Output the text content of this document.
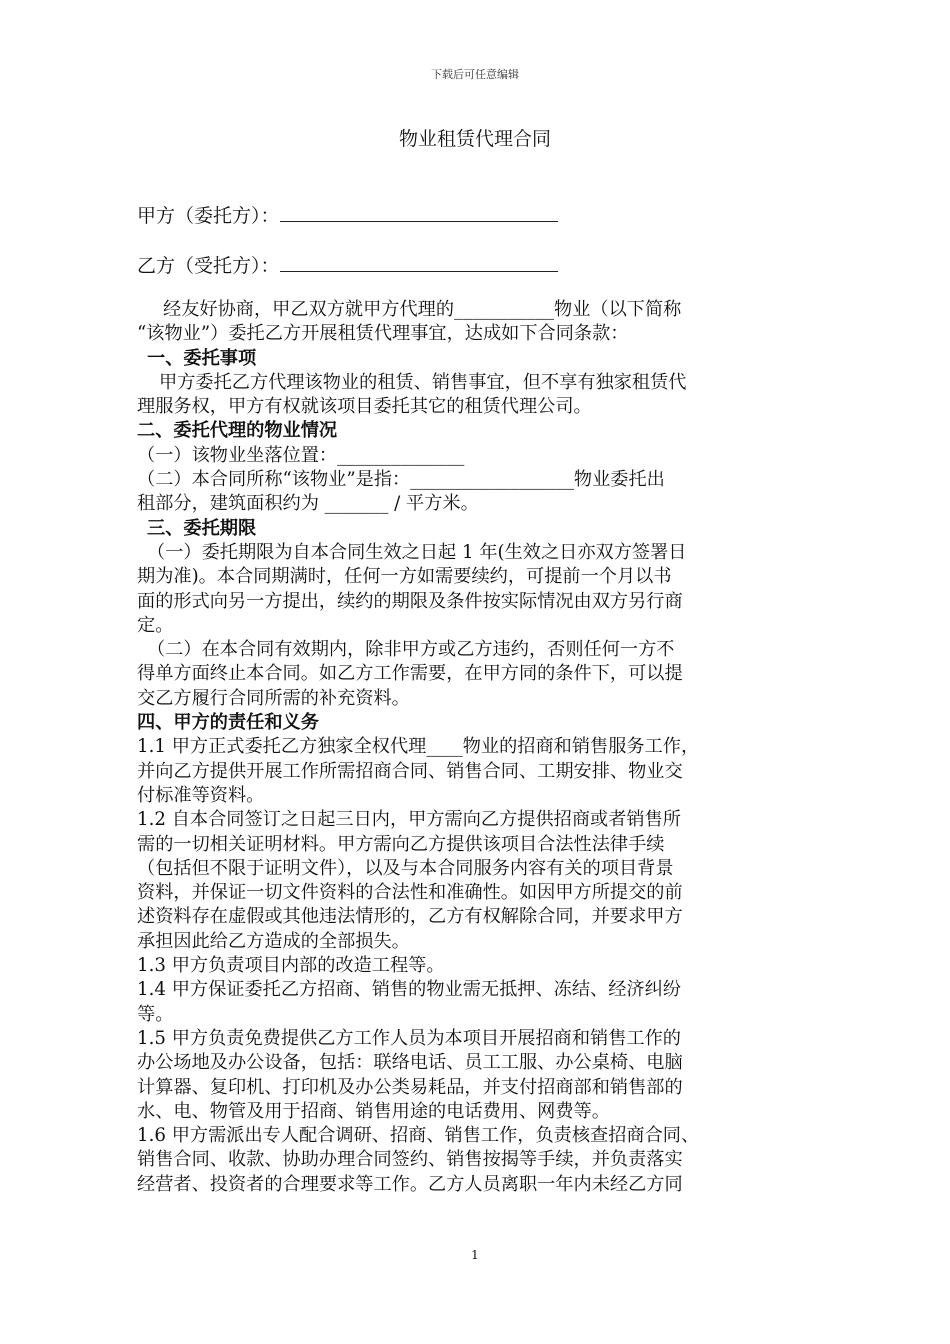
下载后可任意编辑
物业租赁代理合同
甲方（委托方）：
乙方（受托方）：

经友好协商，甲乙双方就甲方代理的___________物业（以下简称

“该物业”）委托乙方开展租赁代理事宜，达成如下合同条款：

一、委托事项

甲方委托乙方代理该物业的租赁、销售事宜，但不享有独家租赁代

理服务权，甲方有权就该项目委托其它的租赁代理公司。

二、委托代理的物业情况

（一）该物业坐落位置：______________

（二）本合同所称“该物业”是指：__________________物业委托出

租部分，建筑面积约为 _______ / 平方米。

三、委托期限

（一）委托期限为自本合同生效之日起 1 年(生效之日亦双方签署日

期为准)。本合同期满时，任何一方如需要续约，可提前一个月以书

面的形式向另一方提出，续约的期限及条件按实际情况由双方另行商

定。

（二）在本合同有效期内，除非甲方或乙方违约，否则任何一方不

得单方面终止本合同。如乙方工作需要，在甲方同的条件下，可以提

交乙方履行合同所需的补充资料。

四、甲方的责任和义务

1.1 甲方正式委托乙方独家全权代理____物业的招商和销售服务工作，

并向乙方提供开展工作所需招商合同、销售合同、工期安排、物业交

付标准等资料。

1.2 自本合同签订之日起三日内，甲方需向乙方提供招商或者销售所

需的一切相关证明材料。甲方需向乙方提供该项目合法性法律手续

（包括但不限于证明文件），以及与本合同服务内容有关的项目背景

资料，并保证一切文件资料的合法性和准确性。如因甲方所提交的前

述资料存在虚假或其他违法情形的，乙方有权解除合同，并要求甲方

承担因此给乙方造成的全部损失。

1.3 甲方负责项目内部的改造工程等。

1.4 甲方保证委托乙方招商、销售的物业需无抵押、冻结、经济纠纷

等。

1.5 甲方负责免费提供乙方工作人员为本项目开展招商和销售工作的

办公场地及办公设备，包括：联络电话、员工工服、办公桌椅、电脑

计算器、复印机、打印机及办公类易耗品，并支付招商部和销售部的

水、电、物管及用于招商、销售用途的电话费用、网费等。

1.6 甲方需派出专人配合调研、招商、销售工作，负责核查招商合同、

销售合同、收款、协助办理合同签约、销售按揭等手续，并负责落实

经营者、投资者的合理要求等工作。乙方人员离职一年内未经乙方同

1
